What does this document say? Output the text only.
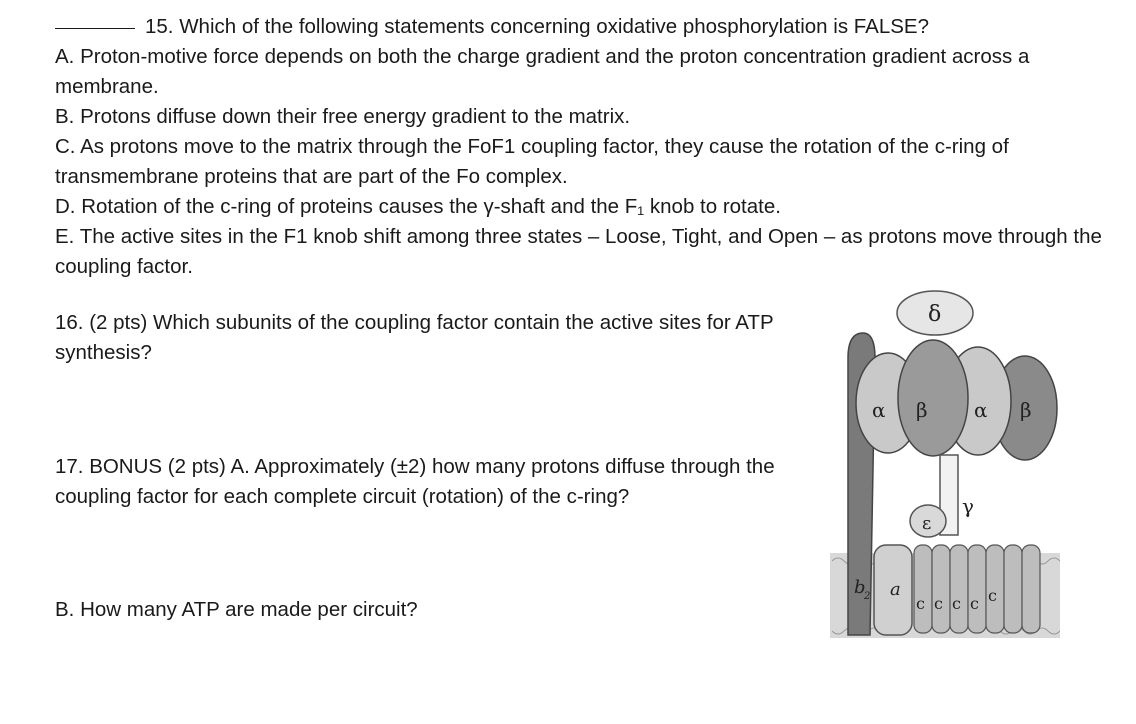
15. Which of the following statements concerning oxidative phosphorylation is FALSE?

A. Proton-motive force depends on both the charge gradient and the proton concentration gradient across a membrane.

B. Protons diffuse down their free energy gradient to the matrix.

C. As protons move to the matrix through the FoF1 coupling factor, they cause the rotation of the c-ring of transmembrane proteins that are part of the Fo complex.

D. Rotation of the c-ring of proteins causes the γ-shaft and the F₁ knob to rotate.

E. The active sites in the F1 knob shift among three states – Loose, Tight, and Open – as protons move through the coupling factor.

16. (2 pts) Which subunits of the coupling factor contain the active sites for ATP synthesis?
17. BONUS (2 pts) A. Approximately (±2) how many protons diffuse through the coupling factor for each complete circuit (rotation) of the c-ring?
B. How many ATP are made per circuit?
δ
α β α β
γ
ε
b
2 a
c c c c c
